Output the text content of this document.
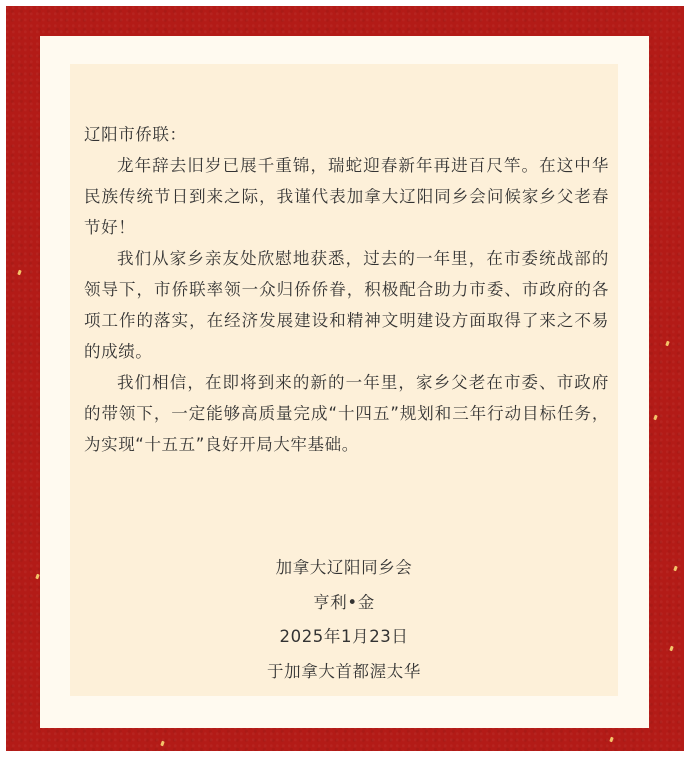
辽阳市侨联：

龙年辞去旧岁已展千重锦，瑞蛇迎春新年再进百尺竿。在这中华民族传统节日到来之际，我谨代表加拿大辽阳同乡会问候家乡父老春节好！

我们从家乡亲友处欣慰地获悉，过去的一年里，在市委统战部的领导下，市侨联率领一众归侨侨眷，积极配合助力市委、市政府的各项工作的落实，在经济发展建设和精神文明建设方面取得了来之不易的成绩。

我们相信，在即将到来的新的一年里，家乡父老在市委、市政府的带领下，一定能够高质量完成“十四五”规划和三年行动目标任务，为实现“十五五”良好开局大牢基础。

加拿大辽阳同乡会
亨利•金
2025年1月23日
于加拿大首都渥太华
